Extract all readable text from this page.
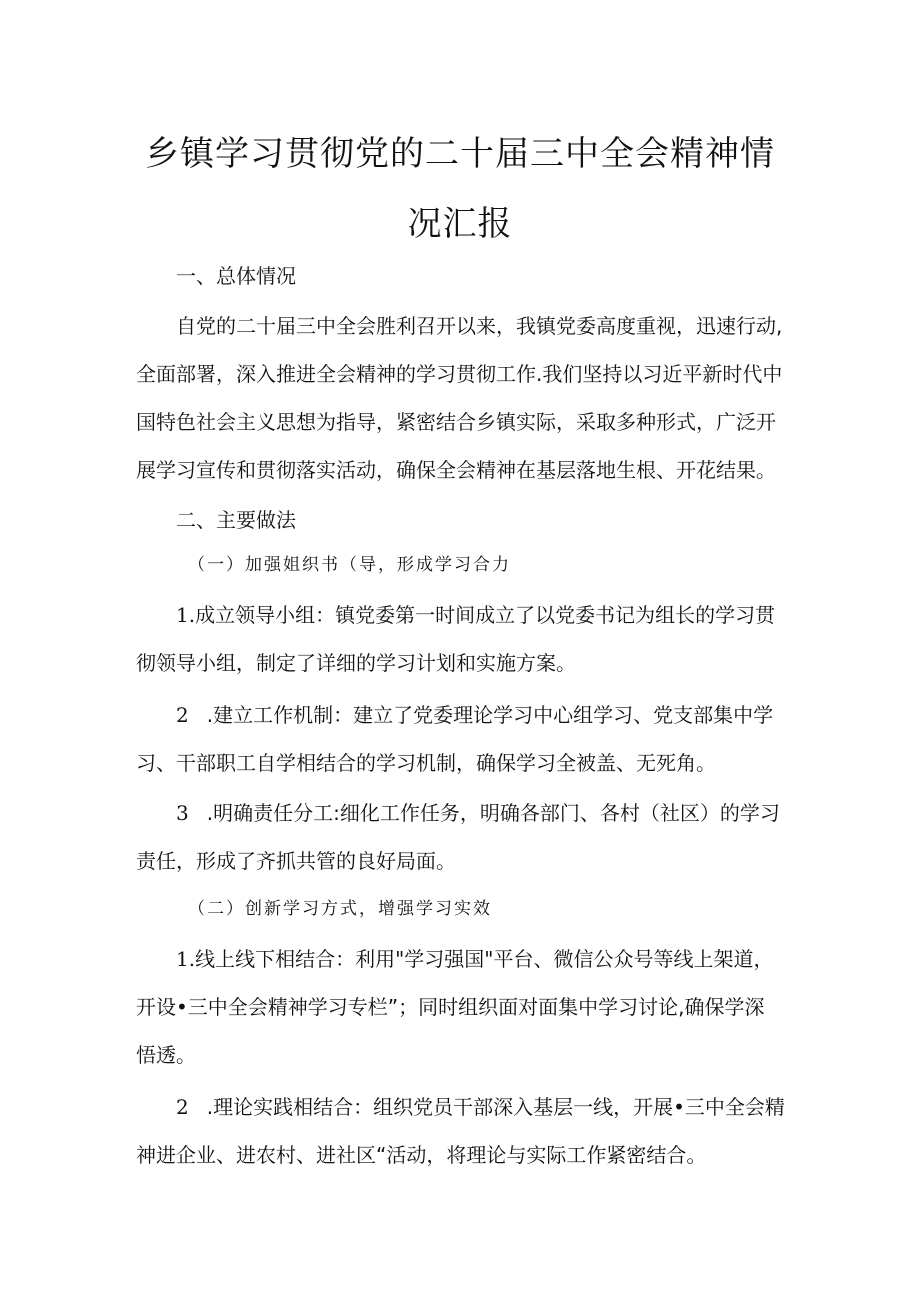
乡镇学习贯彻党的二十届三中全会精神情
况汇报
一、总体情况
自党的二十届三中全会胜利召开以来，我镇党委高度重视，迅速行动,
全面部署，深入推进全会精神的学习贯彻工作.我们坚持以习近平新时代中
国特色社会主义思想为指导，紧密结合乡镇实际，采取多种形式，广泛开
展学习宣传和贯彻落实活动，确保全会精神在基层落地生根、开花结果。
二、主要做法
（一）加强姐织书（导，形成学习合力
1.成立领导小组：镇党委第一时间成立了以党委书记为组长的学习贯
彻领导小组，制定了详细的学习计划和实施方案。
2 .建立工作机制：建立了党委理论学习中心组学习、党支部集中学
习、干部职工自学相结合的学习机制，确保学习全被盖、无死角。
3 .明确责任分工:细化工作任务，明确各部门、各村（社区）的学习
责任，形成了齐抓共管的良好局面。
（二）创新学习方式，增强学习实效
1.线上线下相结合：利用"学习强国"平台、微信公众号等线上架道，
开设•三中全会精神学习专栏”；同时组织面对面集中学习讨论,确保学深
悟透。
2 .理论实践相结合：组织党员干部深入基层一线，开展•三中全会精
神进企业、进农村、进社区“活动，将理论与实际工作紧密结合。
